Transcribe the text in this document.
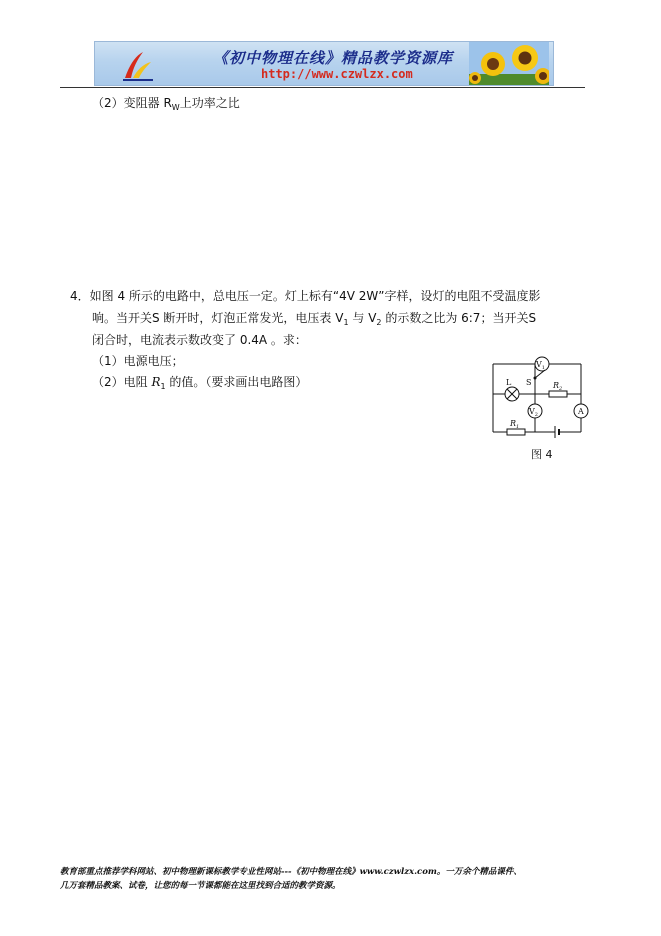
《初中物理在线》精品教学资源库
http://www.czwlzx.com
（2）变阻器 $R_W$上功率之比
4．如图 4 所示的电路中，总电压一定。灯上标有“4V 2W”字样，设灯的电阻不受温度影
响。当开关S 断开时，灯泡正常发光，电压表 $V_1$ 与 $V_2$ 的示数之比为 6:7；当开关S
闭合时，电流表示数改变了 0.4A 。求：
（1）电源电压；
（2）电阻 $R_1$ 的值。（要求画出电路图）
$V_1$
$V_2$	A
L S	$R_2$
$R_1$
图 4
教育部重点推荐学科网站、初中物理新课标教学专业性网站---《初中物理在线》www.czwlzx.com。一万余个精品课件、
几万套精品教案、试卷，让您的每一节课都能在这里找到合适的教学资源。
